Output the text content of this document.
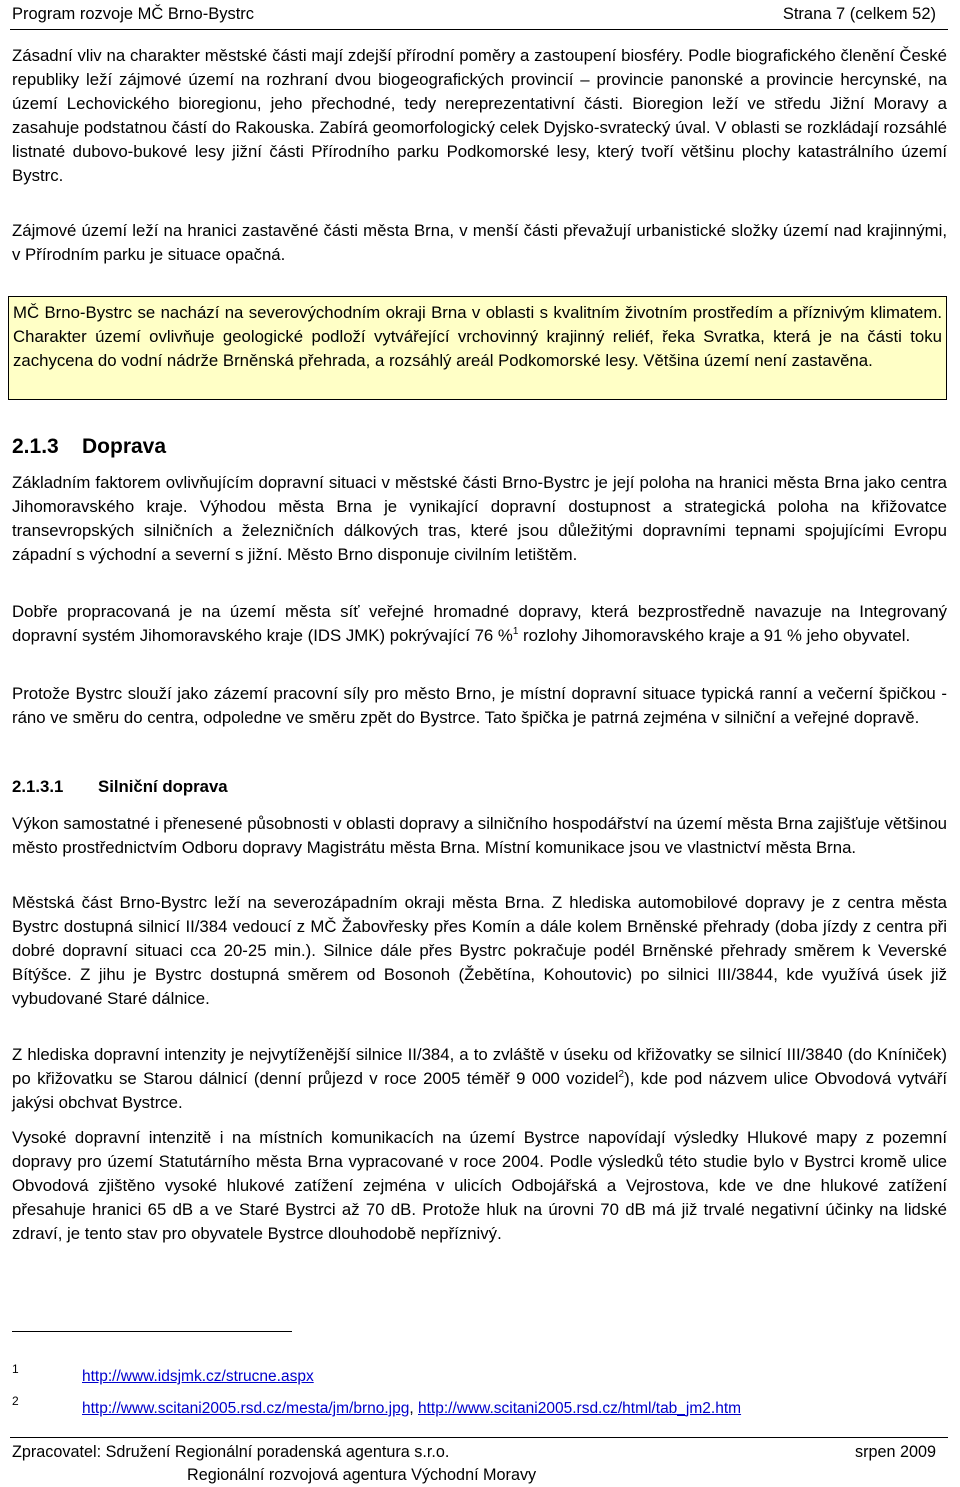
Program rozvoje MČ Brno-Bystrc	Strana 7 (celkem 52)

Zásadní vliv na charakter městské části mají zdejší přírodní poměry a zastoupení biosféry. Podle biografického členění České republiky leží zájmové území na rozhraní dvou biogeografických provincií – provincie panonské a provincie hercynské, na území Lechovického bioregionu, jeho přechodné, tedy nereprezentativní části. Bioregion leží ve středu Jižní Moravy a zasahuje podstatnou částí do Rakouska. Zabírá geomorfologický celek Dyjsko-svratecký úval. V oblasti se rozkládají rozsáhlé listnaté dubovo-bukové lesy jižní části Přírodního parku Podkomorské lesy, který tvoří většinu plochy katastrálního území Bystrc.

Zájmové území leží na hranici zastavěné části města Brna, v menší části převažují urbanistické složky území nad krajinnými, v Přírodním parku je situace opačná.

MČ Brno-Bystrc se nachází na severovýchodním okraji Brna v oblasti s kvalitním životním prostředím a příznivým klimatem. Charakter území ovlivňuje geologické podloží vytvářející vrchovinný krajinný reliéf, řeka Svratka, která je na části toku zachycena do vodní nádrže Brněnská přehrada, a rozsáhlý areál Podkomorské lesy. Většina území není zastavěna.

2.1.3 Doprava

Základním faktorem ovlivňujícím dopravní situaci v městské části Brno-Bystrc je její poloha na hranici města Brna jako centra Jihomoravského kraje. Výhodou města Brna je vynikající dopravní dostupnost a strategická poloha na křižovatce transevropských silničních a železničních dálkových tras, které jsou důležitými dopravními tepnami spojujícími Evropu západní s východní a severní s jižní. Město Brno disponuje civilním letištěm.

Dobře propracovaná je na území města síť veřejné hromadné dopravy, která bezprostředně navazuje na Integrovaný dopravní systém Jihomoravského kraje (IDS JMK) pokrývající 76 %$^1$ rozlohy Jihomoravského kraje a 91 % jeho obyvatel.

Protože Bystrc slouží jako zázemí pracovní síly pro město Brno, je místní dopravní situace typická ranní a večerní špičkou - ráno ve směru do centra, odpoledne ve směru zpět do Bystrce. Tato špička je patrná zejména v silniční a veřejné dopravě.

2.1.3.1 Silniční doprava

Výkon samostatné i přenesené působnosti v oblasti dopravy a silničního hospodářství na území města Brna zajišťuje většinou město prostřednictvím Odboru dopravy Magistrátu města Brna. Místní komunikace jsou ve vlastnictví města Brna.

Městská část Brno-Bystrc leží na severozápadním okraji města Brna. Z hlediska automobilové dopravy je z centra města Bystrc dostupná silnicí II/384 vedoucí z MČ Žabovřesky přes Komín a dále kolem Brněnské přehrady (doba jízdy z centra při dobré dopravní situaci cca 20-25 min.). Silnice dále přes Bystrc pokračuje podél Brněnské přehrady směrem k Veverské Bítýšce. Z jihu je Bystrc dostupná směrem od Bosonoh (Žebětína, Kohoutovic) po silnici III/3844, kde využívá úsek již vybudované Staré dálnice.

Z hlediska dopravní intenzity je nejvytíženější silnice II/384, a to zvláště v úseku od křižovatky se silnicí III/3840 (do Kníniček) po křižovatku se Starou dálnicí (denní průjezd v roce 2005 téměř 9 000 vozidel$^2$), kde pod názvem ulice Obvodová vytváří jakýsi obchvat Bystrce.

Vysoké dopravní intenzitě i na místních komunikacích na území Bystrce napovídají výsledky Hlukové mapy z pozemní dopravy pro území Statutárního města Brna vypracované v roce 2004. Podle výsledků této studie bylo v Bystrci kromě ulice Obvodová zjištěno vysoké hlukové zatížení zejména v ulicích Odbojářská a Vejrostova, kde ve dne hlukové zatížení přesahuje hranici 65 dB a ve Staré Bystrci až 70 dB. Protože hluk na úrovni 70 dB má již trvalé negativní účinky na lidské zdraví, je tento stav pro obyvatele Bystrce dlouhodobě nepříznivý.

1	http://www.idsjmk.cz/strucne.aspx
2	http://www.scitani2005.rsd.cz/mesta/jm/brno.jpg, http://www.scitani2005.rsd.cz/html/tab_jm2.htm
Zpracovatel: Sdružení Regionální poradenská agentura s.r.o.	srpen 2009
Regionální rozvojová agentura Východní Moravy
